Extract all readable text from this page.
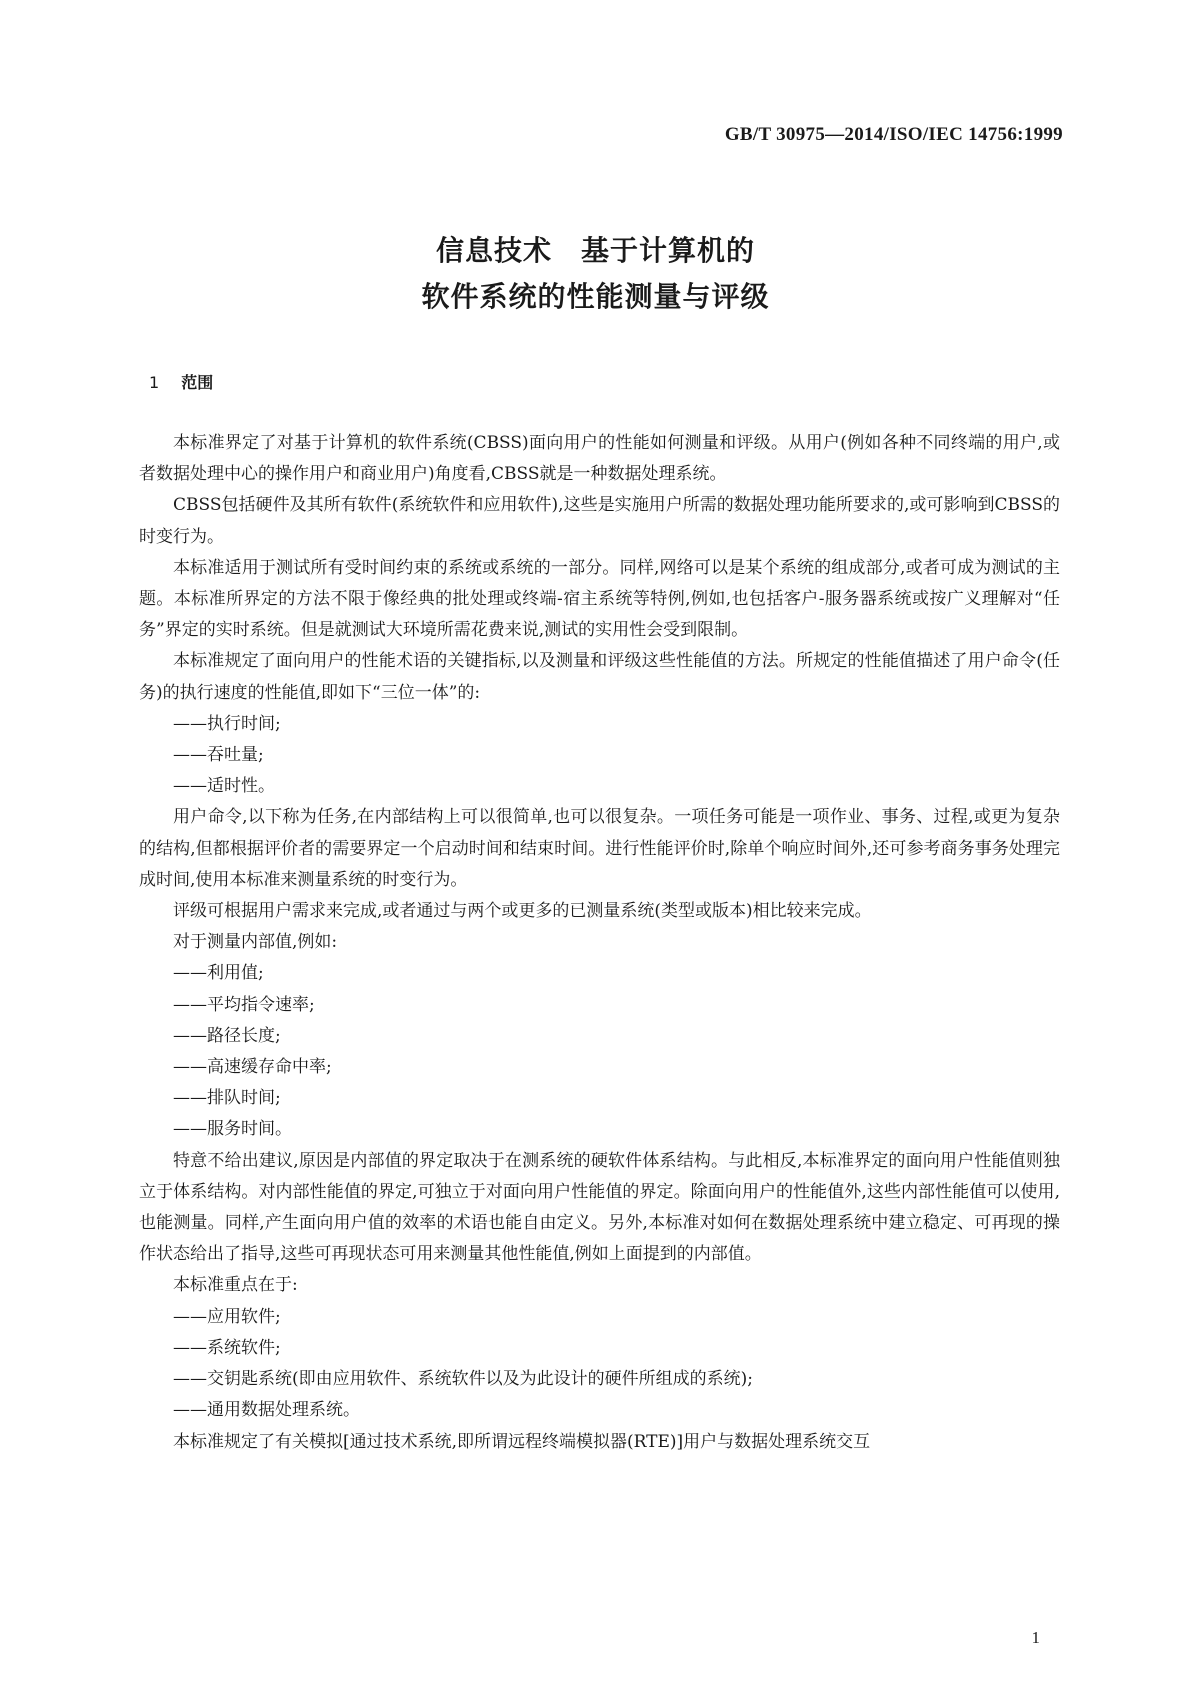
GB/T 30975—2014/ISO/IEC 14756:1999
信息技术　基于计算机的
软件系统的性能测量与评级
1 范围

本标准界定了对基于计算机的软件系统(CBSS)面向用户的性能如何测量和评级。从用户(例如各种不同终端的用户,或者数据处理中心的操作用户和商业用户)角度看,CBSS就是一种数据处理系统。

CBSS包括硬件及其所有软件(系统软件和应用软件),这些是实施用户所需的数据处理功能所要求的,或可影响到CBSS的时变行为。

本标准适用于测试所有受时间约束的系统或系统的一部分。同样,网络可以是某个系统的组成部分,或者可成为测试的主题。本标准所界定的方法不限于像经典的批处理或终端-宿主系统等特例,例如,也包括客户-服务器系统或按广义理解对“任务”界定的实时系统。但是就测试大环境所需花费来说,测试的实用性会受到限制。

本标准规定了面向用户的性能术语的关键指标,以及测量和评级这些性能值的方法。所规定的性能值描述了用户命令(任务)的执行速度的性能值,即如下“三位一体”的:

——执行时间;

——吞吐量;

——适时性。

用户命令,以下称为任务,在内部结构上可以很简单,也可以很复杂。一项任务可能是一项作业、事务、过程,或更为复杂的结构,但都根据评价者的需要界定一个启动时间和结束时间。进行性能评价时,除单个响应时间外,还可参考商务事务处理完成时间,使用本标准来测量系统的时变行为。

评级可根据用户需求来完成,或者通过与两个或更多的已测量系统(类型或版本)相比较来完成。

对于测量内部值,例如:

——利用值;

——平均指令速率;

——路径长度;

——高速缓存命中率;

——排队时间;

——服务时间。

特意不给出建议,原因是内部值的界定取决于在测系统的硬软件体系结构。与此相反,本标准界定的面向用户性能值则独立于体系结构。对内部性能值的界定,可独立于对面向用户性能值的界定。除面向用户的性能值外,这些内部性能值可以使用,也能测量。同样,产生面向用户值的效率的术语也能自由定义。另外,本标准对如何在数据处理系统中建立稳定、可再现的操作状态给出了指导,这些可再现状态可用来测量其他性能值,例如上面提到的内部值。

本标准重点在于:

——应用软件;

——系统软件;

——交钥匙系统(即由应用软件、系统软件以及为此设计的硬件所组成的系统);

——通用数据处理系统。

本标准规定了有关模拟[通过技术系统,即所谓远程终端模拟器(RTE)]用户与数据处理系统交互

1
